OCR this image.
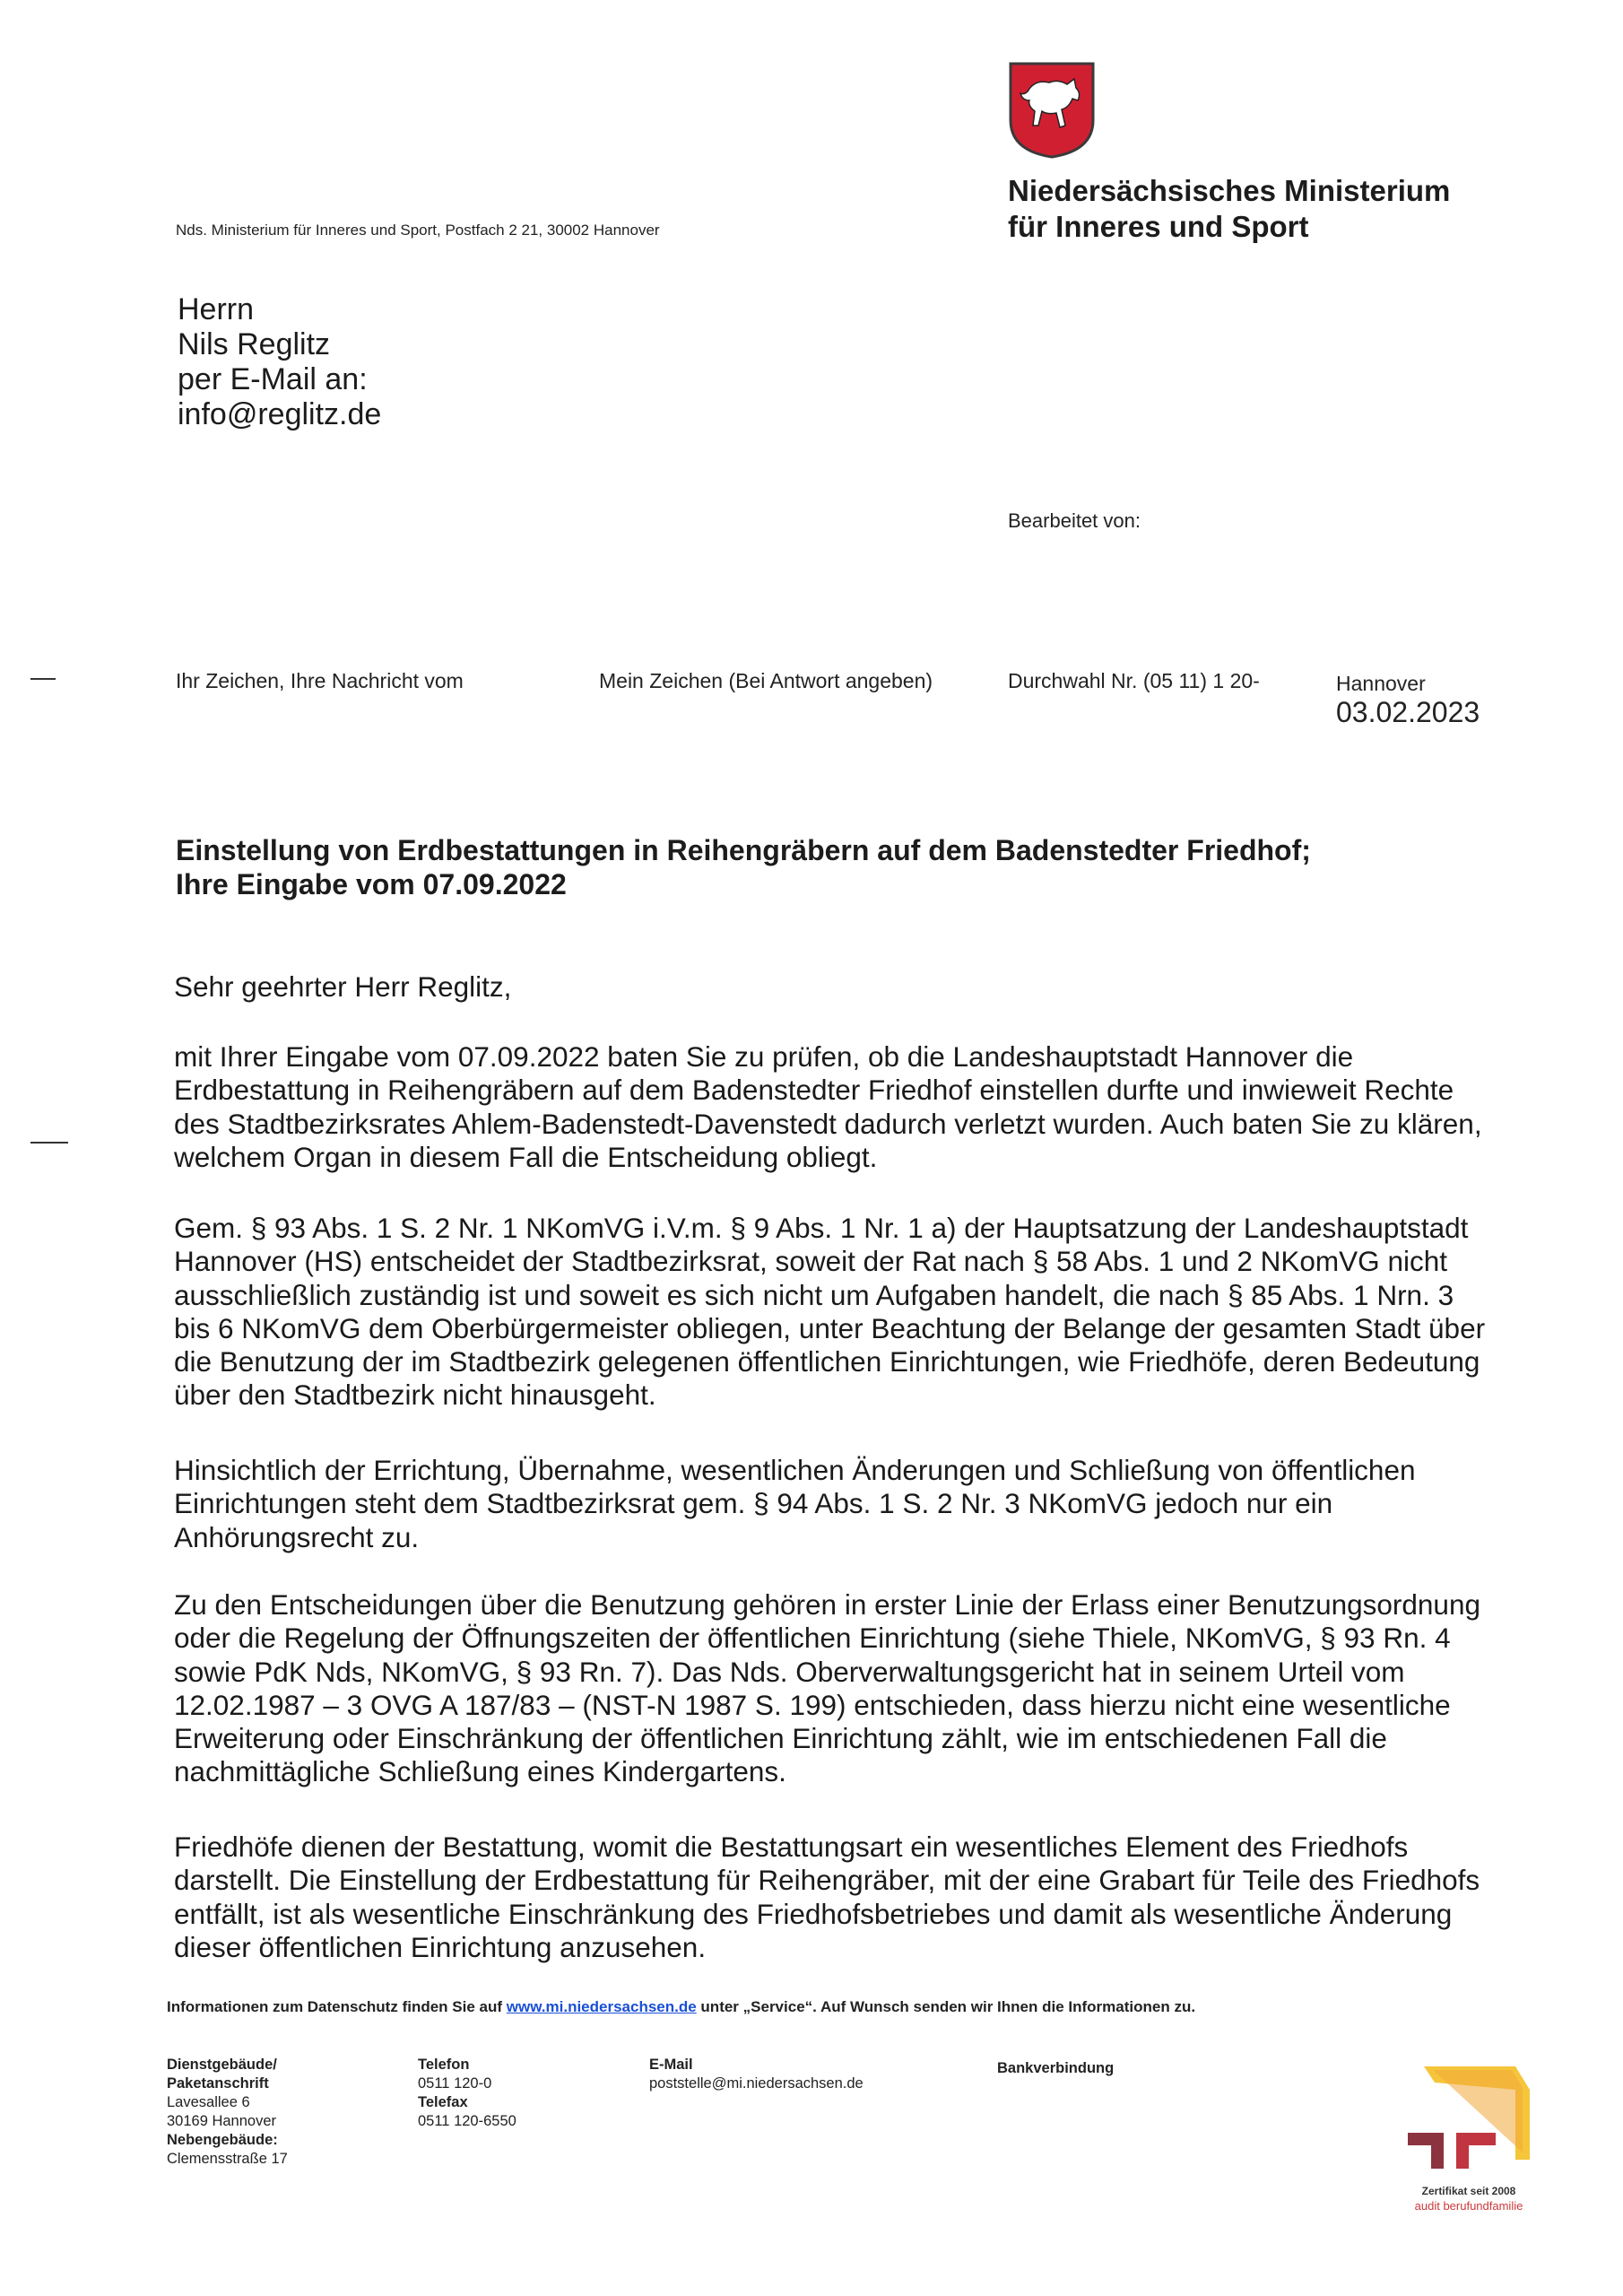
Niedersächsisches Ministerium
für Inneres und Sport
Nds. Ministerium für Inneres und Sport, Postfach 2 21, 30002 Hannover
Herrn
Nils Reglitz
per E-Mail an:
info@reglitz.de
Bearbeitet von:
Ihr Zeichen, Ihre Nachricht vom	Mein Zeichen (Bei Antwort angeben)	Durchwahl Nr. (05 11) 1 20-	Hannover
03.02.2023
Einstellung von Erdbestattungen in Reihengräbern auf dem Badenstedter Friedhof;
Ihre Eingabe vom 07.09.2022
Sehr geehrter Herr Reglitz,
mit Ihrer Eingabe vom 07.09.2022 baten Sie zu prüfen, ob die Landeshauptstadt Hannover die Erdbestattung in Reihengräbern auf dem Badenstedter Friedhof einstellen durfte und inwieweit Rechte des Stadtbezirksrates Ahlem-Badenstedt-Davenstedt dadurch verletzt wurden. Auch baten Sie zu klären, welchem Organ in diesem Fall die Entscheidung obliegt.
Gem. § 93 Abs. 1 S. 2 Nr. 1 NKomVG i.V.m. § 9 Abs. 1 Nr. 1 a) der Hauptsatzung der Landeshauptstadt Hannover (HS) entscheidet der Stadtbezirksrat, soweit der Rat nach § 58 Abs. 1 und 2 NKomVG nicht ausschließlich zuständig ist und soweit es sich nicht um Aufgaben handelt, die nach § 85 Abs. 1 Nrn. 3 bis 6 NKomVG dem Oberbürgermeister obliegen, unter Beachtung der Belange der gesamten Stadt über die Benutzung der im Stadtbezirk gelegenen öffentlichen Einrichtungen, wie Friedhöfe, deren Bedeutung über den Stadtbezirk nicht hinausgeht.
Hinsichtlich der Errichtung, Übernahme, wesentlichen Änderungen und Schließung von öffentlichen Einrichtungen steht dem Stadtbezirksrat gem. § 94 Abs. 1 S. 2 Nr. 3 NKomVG jedoch nur ein Anhörungsrecht zu.
Zu den Entscheidungen über die Benutzung gehören in erster Linie der Erlass einer Benutzungsordnung oder die Regelung der Öffnungszeiten der öffentlichen Einrichtung (siehe Thiele, NKomVG, § 93 Rn. 4 sowie PdK Nds, NKomVG, § 93 Rn. 7). Das Nds. Oberverwaltungsgericht hat in seinem Urteil vom 12.02.1987 – 3 OVG A 187/83 – (NST-N 1987 S. 199) entschieden, dass hierzu nicht eine wesentliche Erweiterung oder Einschränkung der öffentlichen Einrichtung zählt, wie im entschiedenen Fall die nachmittägliche Schließung eines Kindergartens.
Friedhöfe dienen der Bestattung, womit die Bestattungsart ein wesentliches Element des Friedhofs darstellt. Die Einstellung der Erdbestattung für Reihengräber, mit der eine Grabart für Teile des Friedhofs entfällt, ist als wesentliche Einschränkung des Friedhofsbetriebes und damit als wesentliche Änderung dieser öffentlichen Einrichtung anzusehen.
Informationen zum Datenschutz finden Sie auf www.mi.niedersachsen.de unter „Service“. Auf Wunsch senden wir Ihnen die Informationen zu.
Dienstgebäude/
Paketanschrift
Lavesallee 6
30169 Hannover
Nebengebäude:
Clemensstraße 17
Telefon
0511 120-0
Telefax
0511 120-6550
E-Mail
poststelle@mi.niedersachsen.de
Bankverbindung
Zertifikat seit 2008
audit berufundfamilie
